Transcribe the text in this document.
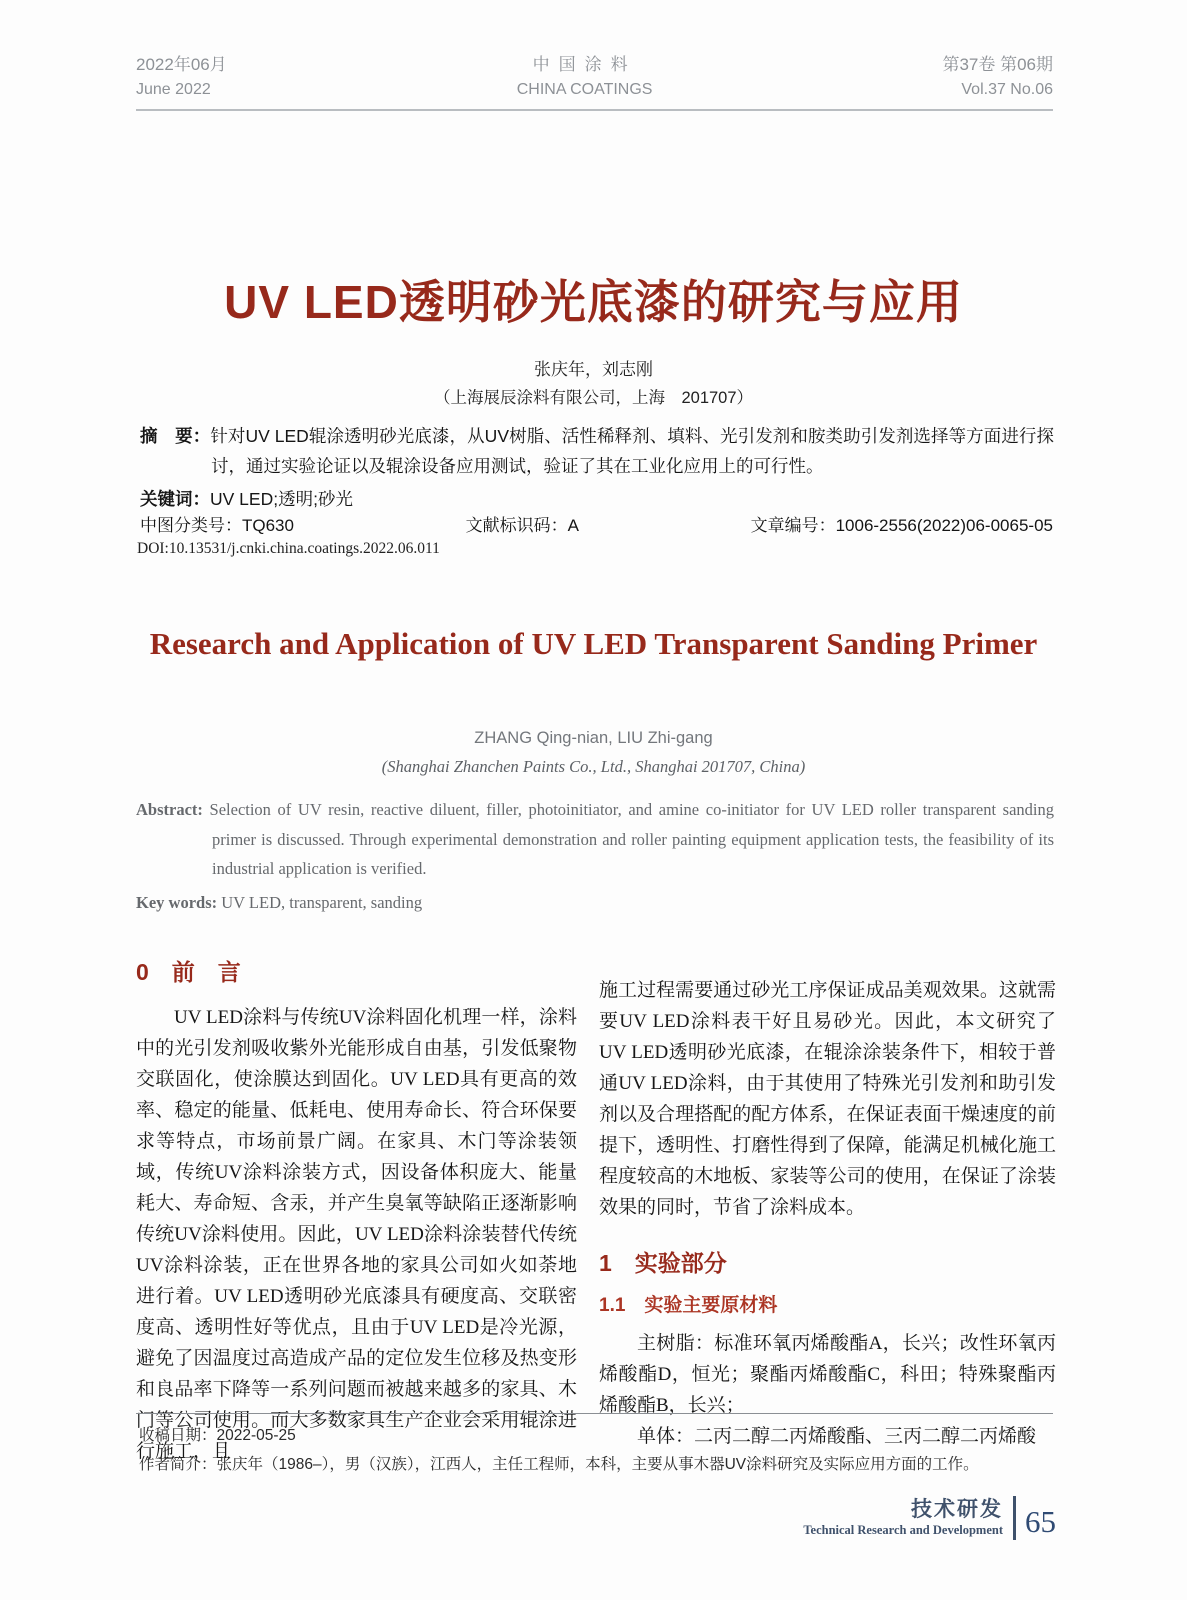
2022年06月
June 2022
中国涂料
CHINA COATINGS
第37卷 第06期
Vol.37 No.06
UV LED透明砂光底漆的研究与应用
张庆年，刘志刚
（上海展辰涂料有限公司，上海　201707）
摘　要：针对UV LED辊涂透明砂光底漆，从UV树脂、活性稀释剂、填料、光引发剂和胺类助引发剂选择等方面进行探讨，通过实验论证以及辊涂设备应用测试，验证了其在工业化应用上的可行性。
关键词：UV LED;透明;砂光
中图分类号：TQ630	文献标识码：A	文章编号：1006-2556(2022)06-0065-05
DOI:10.13531/j.cnki.china.coatings.2022.06.011
Research and Application of UV LED Transparent Sanding Primer
ZHANG Qing-nian, LIU Zhi-gang
(Shanghai Zhanchen Paints Co., Ltd., Shanghai 201707, China)
Abstract: Selection of UV resin, reactive diluent, filler, photoinitiator, and amine co-initiator for UV LED roller transparent sanding primer is discussed. Through experimental demonstration and roller painting equipment application tests, the feasibility of its industrial application is verified.
Key words: UV LED, transparent, sanding
0　前　言

UV LED涂料与传统UV涂料固化机理一样，涂料中的光引发剂吸收紫外光能形成自由基，引发低聚物交联固化，使涂膜达到固化。UV LED具有更高的效率、稳定的能量、低耗电、使用寿命长、符合环保要求等特点，市场前景广阔。在家具、木门等涂装领域，传统UV涂料涂装方式，因设备体积庞大、能量耗大、寿命短、含汞，并产生臭氧等缺陷正逐渐影响传统UV涂料使用。因此，UV LED涂料涂装替代传统UV涂料涂装，正在世界各地的家具公司如火如荼地进行着。UV LED透明砂光底漆具有硬度高、交联密度高、透明性好等优点，且由于UV LED是冷光源，避免了因温度过高造成产品的定位发生位移及热变形和良品率下降等一系列问题而被越来越多的家具、木门等公司使用。而大多数家具生产企业会采用辊涂进行施工，且

施工过程需要通过砂光工序保证成品美观效果。这就需要UV LED涂料表干好且易砂光。因此，本文研究了UV LED透明砂光底漆，在辊涂涂装条件下，相较于普通UV LED涂料，由于其使用了特殊光引发剂和助引发剂以及合理搭配的配方体系，在保证表面干燥速度的前提下，透明性、打磨性得到了保障，能满足机械化施工程度较高的木地板、家装等公司的使用，在保证了涂装效果的同时，节省了涂料成本。

1　实验部分
1.1　实验主要原材料

主树脂：标准环氧丙烯酸酯A，长兴；改性环氧丙烯酸酯D，恒光；聚酯丙烯酸酯C，科田；特殊聚酯丙烯酸酯B，长兴；

单体：二丙二醇二丙烯酸酯、三丙二醇二丙烯酸

收稿日期：2022-05-25
作者简介：张庆年（1986–），男（汉族），江西人，主任工程师，本科，主要从事木器UV涂料研究及实际应用方面的工作。
技术研发
Technical Research and Development 65
